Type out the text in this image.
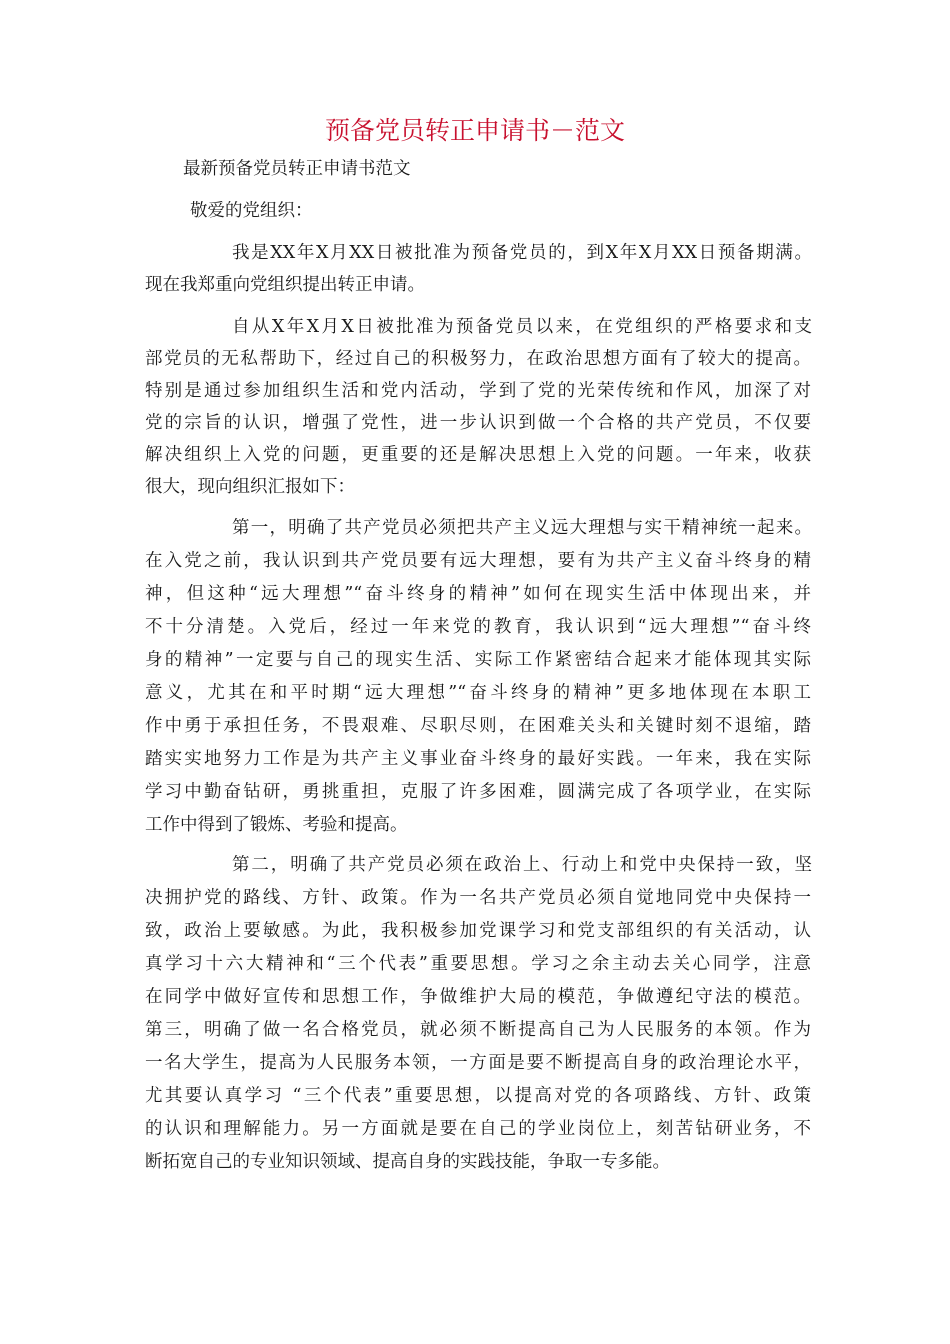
预备党员转正申请书－范文
最新预备党员转正申请书范文
敬爱的党组织：
我是XX年X月XX日被批准为预备党员的，到X年X月XX日预备期满。
现在我郑重向党组织提出转正申请。
自从X年X月X日被批准为预备党员以来，在党组织的严格要求和支
部党员的无私帮助下，经过自己的积极努力，在政治思想方面有了较大的提高。
特别是通过参加组织生活和党内活动，学到了党的光荣传统和作风，加深了对
党的宗旨的认识，增强了党性，进一步认识到做一个合格的共产党员，不仅要
解决组织上入党的问题，更重要的还是解决思想上入党的问题。一年来，收获
很大，现向组织汇报如下：
第一，明确了共产党员必须把共产主义远大理想与实干精神统一起来。
在入党之前，我认识到共产党员要有远大理想，要有为共产主义奋斗终身的精
神，但这种“远大理想”“奋斗终身的精神”如何在现实生活中体现出来，并
不十分清楚。入党后，经过一年来党的教育，我认识到“远大理想”“奋斗终
身的精神”一定要与自己的现实生活、实际工作紧密结合起来才能体现其实际
意义，尤其在和平时期“远大理想”“奋斗终身的精神”更多地体现在本职工
作中勇于承担任务，不畏艰难、尽职尽则，在困难关头和关键时刻不退缩，踏
踏实实地努力工作是为共产主义事业奋斗终身的最好实践。一年来，我在实际
学习中勤奋钻研，勇挑重担，克服了许多困难，圆满完成了各项学业，在实际
工作中得到了锻炼、考验和提高。
第二，明确了共产党员必须在政治上、行动上和党中央保持一致，坚
决拥护党的路线、方针、政策。作为一名共产党员必须自觉地同党中央保持一
致，政治上要敏感。为此，我积极参加党课学习和党支部组织的有关活动，认
真学习十六大精神和“三个代表”重要思想。学习之余主动去关心同学，注意
在同学中做好宣传和思想工作，争做维护大局的模范，争做遵纪守法的模范。
第三，明确了做一名合格党员，就必须不断提高自己为人民服务的本领。作为
一名大学生，提高为人民服务本领，一方面是要不断提高自身的政治理论水平，
尤其要认真学习 “三个代表”重要思想，以提高对党的各项路线、方针、政策
的认识和理解能力。另一方面就是要在自己的学业岗位上，刻苦钻研业务，不
断拓宽自己的专业知识领域、提高自身的实践技能，争取一专多能。
